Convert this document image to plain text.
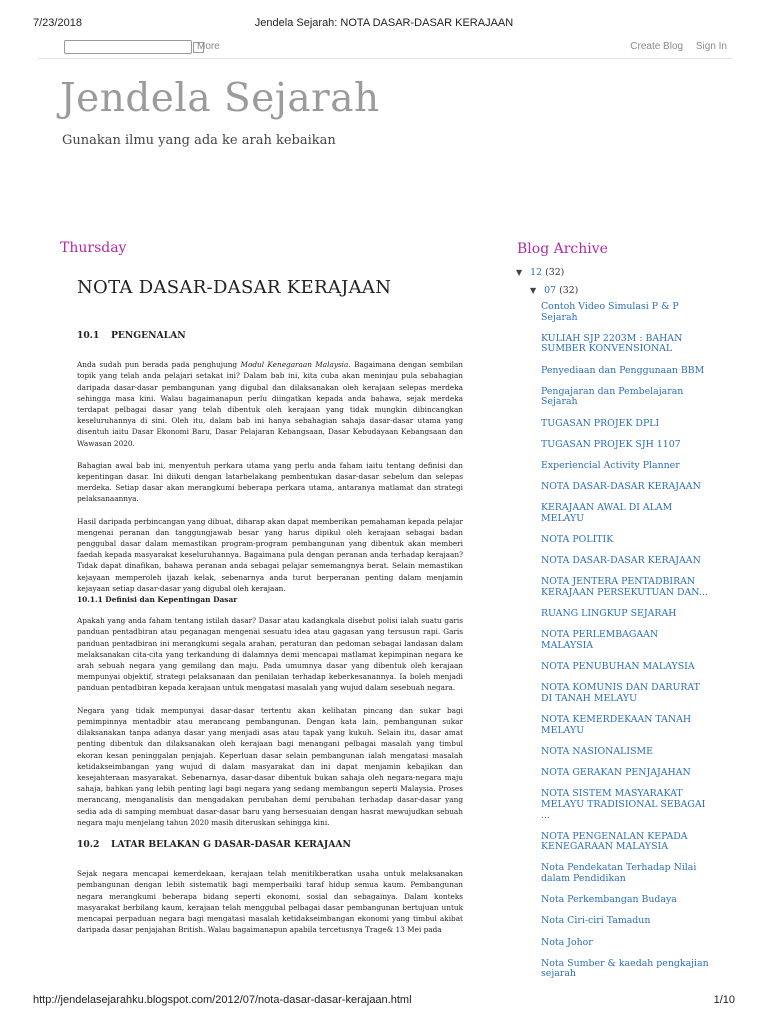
7/23/2018	Jendela Sejarah: NOTA DASAR-DASAR KERAJAAN
More	Create Blog Sign In
Jendela Sejarah
Gunakan ilmu yang ada ke arah kebaikan
Thursday
NOTA DASAR-DASAR KERAJAAN
10.1 PENGENALAN

Anda sudah pun berada pada penghujung Modul Kenegaraan Malaysia. Bagaimana dengan sembilan topik yang telah anda pelajari setakat ini? Dalam bab ini, kita cuba akan meninjau pula sebahagian daripada dasar-dasar pembangunan yang digubal dan dilaksanakan oleh kerajaan selepas merdeka sehingga masa kini. Walau bagaimanapun perlu diingatkan kepada anda bahawa, sejak merdeka terdapat pelbagai dasar yang telah dibentuk oleh kerajaan yang tidak mungkin dibincangkan keseluruhannya di sini. Oleh itu, dalam bab ini hanya sebahagian sahaja dasar-dasar utama yang disentuh iaitu Dasar Ekonomi Baru, Dasar Pelajaran Kebangsaan, Dasar Kebudayaan Kebangsaan dan Wawasan 2020.

Bahagian awal bab ini, menyentuh perkara utama yang perlu anda faham iaitu tentang definisi dan kepentingan dasar. Ini diikuti dengan latarbelakang pembentukan dasar-dasar sebelum dan selepas merdeka. Setiap dasar akan merangkumi beberapa perkara utama, antaranya matlamat dan strategi pelaksanaannya.

Hasil daripada perbincangan yang dibuat, diharap akan dapat memberikan pemahaman kepada pelajar mengenai peranan dan tanggungjawab besar yang harus dipikul oleh kerajaan sebagai badan penggubal dasar dalam memastikan program-program pembangunan yang dibentuk akan memberi faedah kepada masyarakat keseluruhannya. Bagaimana pula dengan peranan anda terhadap kerajaan? Tidak dapat dinafikan, bahawa peranan anda sebagai pelajar sememangnya berat. Selain memastikan kejayaan memperoleh ijazah kelak, sebenarnya anda turut berperanan penting dalam menjamin kejayaan setiap dasar-dasar yang digubal oleh kerajaan.

10.1.1 Definisi dan Kepentingan Dasar

Apakah yang anda faham tentang istilah dasar? Dasar atau kadangkala disebut polisi ialah suatu garis panduan pentadbiran atau peganagan mengenai sesuatu idea atau gagasan yang tersusun rapi. Garis panduan pentadbiran ini merangkumi segala arahan, peraturan dan pedoman sebagai landasan dalam melaksanakan cita-cita yang terkandung di dalamnya demi mencapai matlamat kepimpinan negara ke arah sebuah negara yang gemilang dan maju. Pada umumnya dasar yang dibentuk oleh kerajaan mempunyai objektif, strategi pelaksanaan dan penilaian terhadap keberkesanannya. Ia boleh menjadi panduan pentadbiran kepada kerajaan untuk mengatasi masalah yang wujud dalam sesebuah negara.

Negara yang tidak mempunyai dasar-dasar tertentu akan kelihatan pincang dan sukar bagi pemimpinnya mentadbir atau merancang pembangunan. Dengan kata lain, pembangunan sukar dilaksanakan tanpa adanya dasar yang menjadi asas atau tapak yang kukuh. Selain itu, dasar amat penting dibentuk dan dilaksanakan oleh kerajaan bagi menangani pelbagai masalah yang timbul ekoran kesan peninggalan penjajah. Keperluan dasar selain pembangunan ialah mengatasi masalah ketidakseimbangan yang wujud di dalam masyarakat dan ini dapat menjamin kebajikan dan kesejahteraan masyarakat. Sebenarnya, dasar-dasar dibentuk bukan sahaja oleh negara-negara maju sahaja, bahkan yang lebih penting lagi bagi negara yang sedang membangun seperti Malaysia. Proses merancang, menganalisis dan mengadakan perubahan demi perubahan terhadap dasar-dasar yang sedia ada di samping membuat dasar-dasar baru yang bersesuaian dengan hasrat mewujudkan sebuah negara maju menjelang tahun 2020 masih diteruskan sehingga kini.

10.2 LATAR BELAKAN G DASAR-DASAR KERAJAAN

Sejak negara mencapai kemerdekaan, kerajaan telah menitikberatkan usaha untuk melaksanakan pembangunan dengan lebih sistematik bagi memperbaiki taraf hidup semua kaum. Pembangunan negara merangkumi beberapa bidang seperti ekonomi, sosial dan sebagainya. Dalam konteks masyarakat berbilang kaum, kerajaan telah menggubal pelbagai dasar pembangunan bertujuan untuk mencapai perpaduan negara bagi mengatasi masalah ketidakseimbangan ekonomi yang timbul akibat daripada dasar penjajahan British. Walau bagaimanapun apabila tercetusnya Trage& 13 Mei pada

Blog Archive
▼ 12 (32)
▼ 07 (32)
Contoh Video Simulasi P & P Sejarah
KULIAH SJP 2203M : BAHAN SUMBER KONVENSIONAL
Penyediaan dan Penggunaan BBM
Pengajaran dan Pembelajaran Sejarah
TUGASAN PROJEK DPLI
TUGASAN PROJEK SJH 1107
Experiencial Activity Planner
NOTA DASAR-DASAR KERAJAAN
KERAJAAN AWAL DI ALAM MELAYU
NOTA POLITIK
NOTA DASAR-DASAR KERAJAAN
NOTA JENTERA PENTADBIRAN KERAJAAN PERSEKUTUAN DAN...
RUANG LINGKUP SEJARAH
NOTA PERLEMBAGAAN MALAYSIA
NOTA PENUBUHAN MALAYSIA
NOTA KOMUNIS DAN DARURAT DI TANAH MELAYU
NOTA KEMERDEKAAN TANAH MELAYU
NOTA NASIONALISME
NOTA GERAKAN PENJAJAHAN
NOTA SISTEM MASYARAKAT MELAYU TRADISIONAL SEBAGAI ...
NOTA PENGENALAN KEPADA KENEGARAAN MALAYSIA
Nota Pendekatan Terhadap Nilai dalam Pendidikan
Nota Perkembangan Budaya
Nota Ciri-ciri Tamadun
Nota Johor
Nota Sumber & kaedah pengkajian sejarah
http://jendelasejarahku.blogspot.com/2012/07/nota-dasar-dasar-kerajaan.html	1/10
